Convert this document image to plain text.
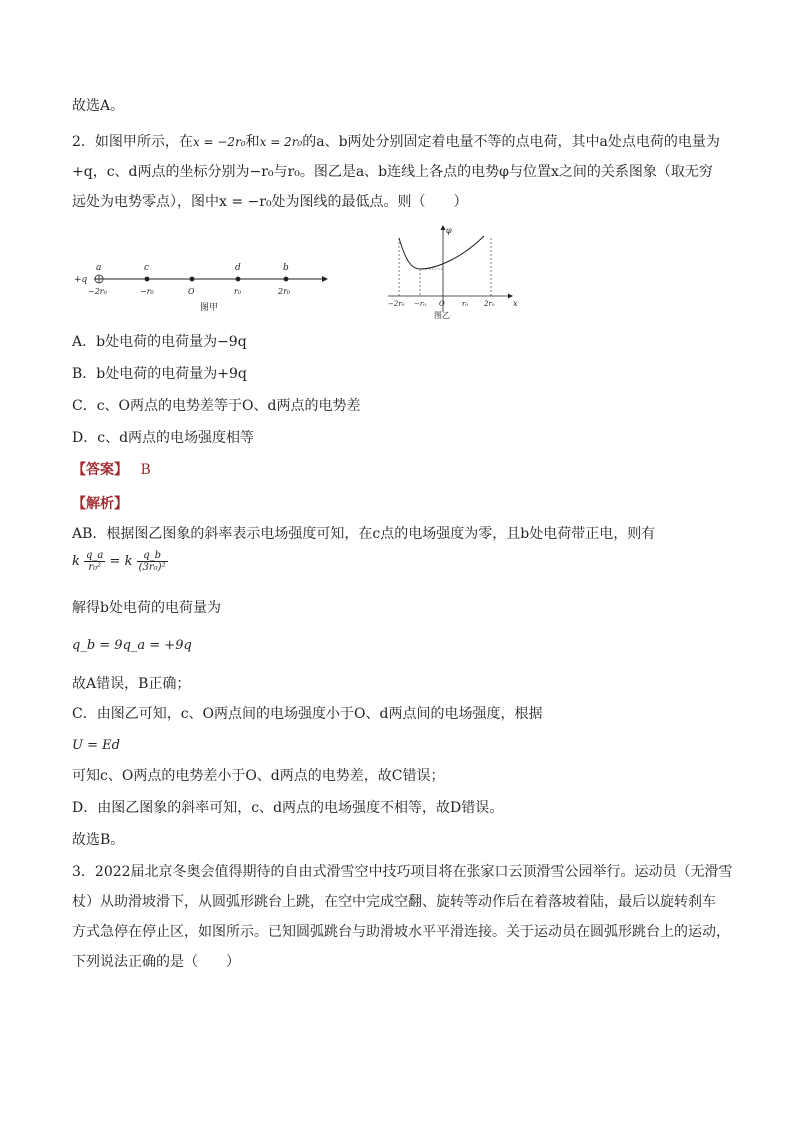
故选A。

2．如图甲所示，在x = −2r₀和x = 2r₀的a、b两处分别固定着电量不等的点电荷，其中a处点电荷的电量为

+q，c、d两点的坐标分别为−r₀与r₀。图乙是a、b连线上各点的电势φ与位置x之间的关系图象（取无穷

远处为电势零点），图中x = −r₀处为图线的最低点。则（　　）

+q
a	c	d	b
−2r₀	−r₀	O	r₀	2r₀
图甲
φ
x
−2r₀ −r₀ O r₀ 2r₀
图乙

A．b处电荷的电荷量为−9q

B．b处电荷的电荷量为+9q

C．c、O两点的电势差等于O、d两点的电势差

D．c、d两点的电场强度相等

【答案】 B

【解析】

AB．根据图乙图象的斜率表示电场强度可知，在c点的电场强度为零，且b处电荷带正电，则有

k $\frac{q\_a}{\text{r₀²}} = k \frac{q\_b}{\text{(3r₀)²}}$

解得b处电荷的电荷量为

q_b = 9q_a = +9q

故A错误，B正确；

C．由图乙可知，c、O两点间的电场强度小于O、d两点间的电场强度，根据

U = Ed

可知c、O两点的电势差小于O、d两点的电势差，故C错误；

D．由图乙图象的斜率可知，c、d两点的电场强度不相等，故D错误。

故选B。

3．2022届北京冬奥会值得期待的自由式滑雪空中技巧项目将在张家口云顶滑雪公园举行。运动员（无滑雪

杖）从助滑坡滑下，从圆弧形跳台上跳，在空中完成空翻、旋转等动作后在着落坡着陆，最后以旋转刹车

方式急停在停止区，如图所示。已知圆弧跳台与助滑坡水平平滑连接。关于运动员在圆弧形跳台上的运动，

下列说法正确的是（　　）
